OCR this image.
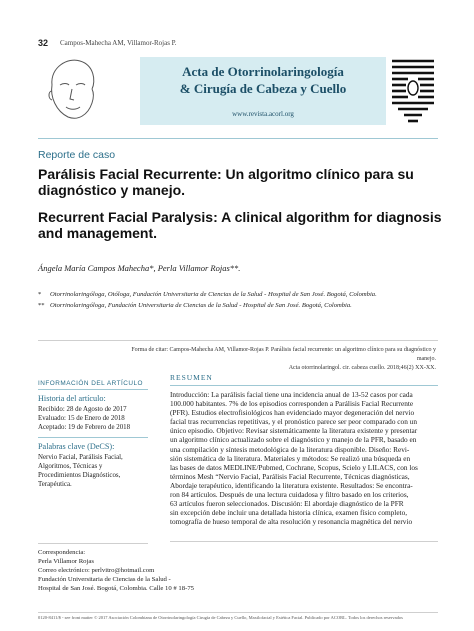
32 Campos-Mahecha AM, Villamor-Rojas P.
Acta de Otorrinolaringología
& Cirugía de Cabeza y Cuello
www.revista.acorl.org
Reporte de caso
Parálisis Facial Recurrente: Un algoritmo clínico para su diagnóstico y manejo.
Recurrent Facial Paralysis: A clinical algorithm for diagnosis and management.
Ángela María Campos Mahecha*, Perla Villamor Rojas**.
* Otorrinolaringóloga, Otóloga, Fundación Universitaria de Ciencias de la Salud - Hospital de San José. Bogotá, Colombia.
** Otorrinolaringóloga, Fundación Universitaria de Ciencias de la Salud - Hospital de San José. Bogotá, Colombia.
Forma de citar: Campos-Mahecha AM, Villamor-Rojas P. Parálisis facial recurrente: un algoritmo clínico para su diagnóstico y manejo.
Acta otorrinolaringol. cir. cabeza cuello. 2018;46(2) XX-XX.
INFORMACIÓN DEL ARTÍCULO
Historia del artículo:
Recibido: 28 de Agosto de 2017
Evaluado: 15 de Enero de 2018
Aceptado: 19 de Febrero de 2018
Palabras clave (DeCS):
Nervio Facial, Parálisis Facial,
Algoritmos, Técnicas y
Procedimientos Diagnósticos,
Terapéutica.
RESUMEN
Introducción: La parálisis facial tiene una incidencia anual de 13-52 casos por cada
100.000 habitantes. 7% de los episodios corresponden a Parálisis Facial Recurrente
(PFR). Estudios electrofisiológicos han evidenciado mayor degeneración del nervio
facial tras recurrencias repetitivas, y el pronóstico parece ser peor comparado con un
único episodio. Objetivo: Revisar sistemáticamente la literatura existente y presentar
un algoritmo clínico actualizado sobre el diagnóstico y manejo de la PFR, basado en
una compilación y síntesis metodológica de la literatura disponible. Diseño: Revi-
sión sistemática de la literatura. Materiales y métodos: Se realizó una búsqueda en
las bases de datos MEDLINE/Pubmed, Cochrane, Scopus, Scielo y LILACS, con los
términos Mesh “Nervio Facial, Parálisis Facial Recurrente, Técnicas diagnósticas,
Abordaje terapéutico, identificando la literatura existente. Resultados: Se encontra-
ron 84 artículos. Después de una lectura cuidadosa y filtro basado en los criterios,
63 artículos fueron seleccionados. Discusión: El abordaje diagnóstico de la PFR
sin excepción debe incluir una detallada historia clínica, examen físico completo,
tomografía de hueso temporal de alta resolución y resonancia magnética del nervio
Correspondencia:
Perla Villamor Rojas
Correo electrónico: perlvitro@hotmail.com
Fundación Universitaria de Ciencias de la Salud -
Hospital de San José. Bogotá, Colombia. Calle 10 # 18-75
0120-8411/$ - see front matter © 2017 Asociación Colombiana de Otorrinolaringología Cirugía de Cabeza y Cuello, Maxilofacial y Estética Facial. Publicado por ACORL. Todos los derechos reservados
